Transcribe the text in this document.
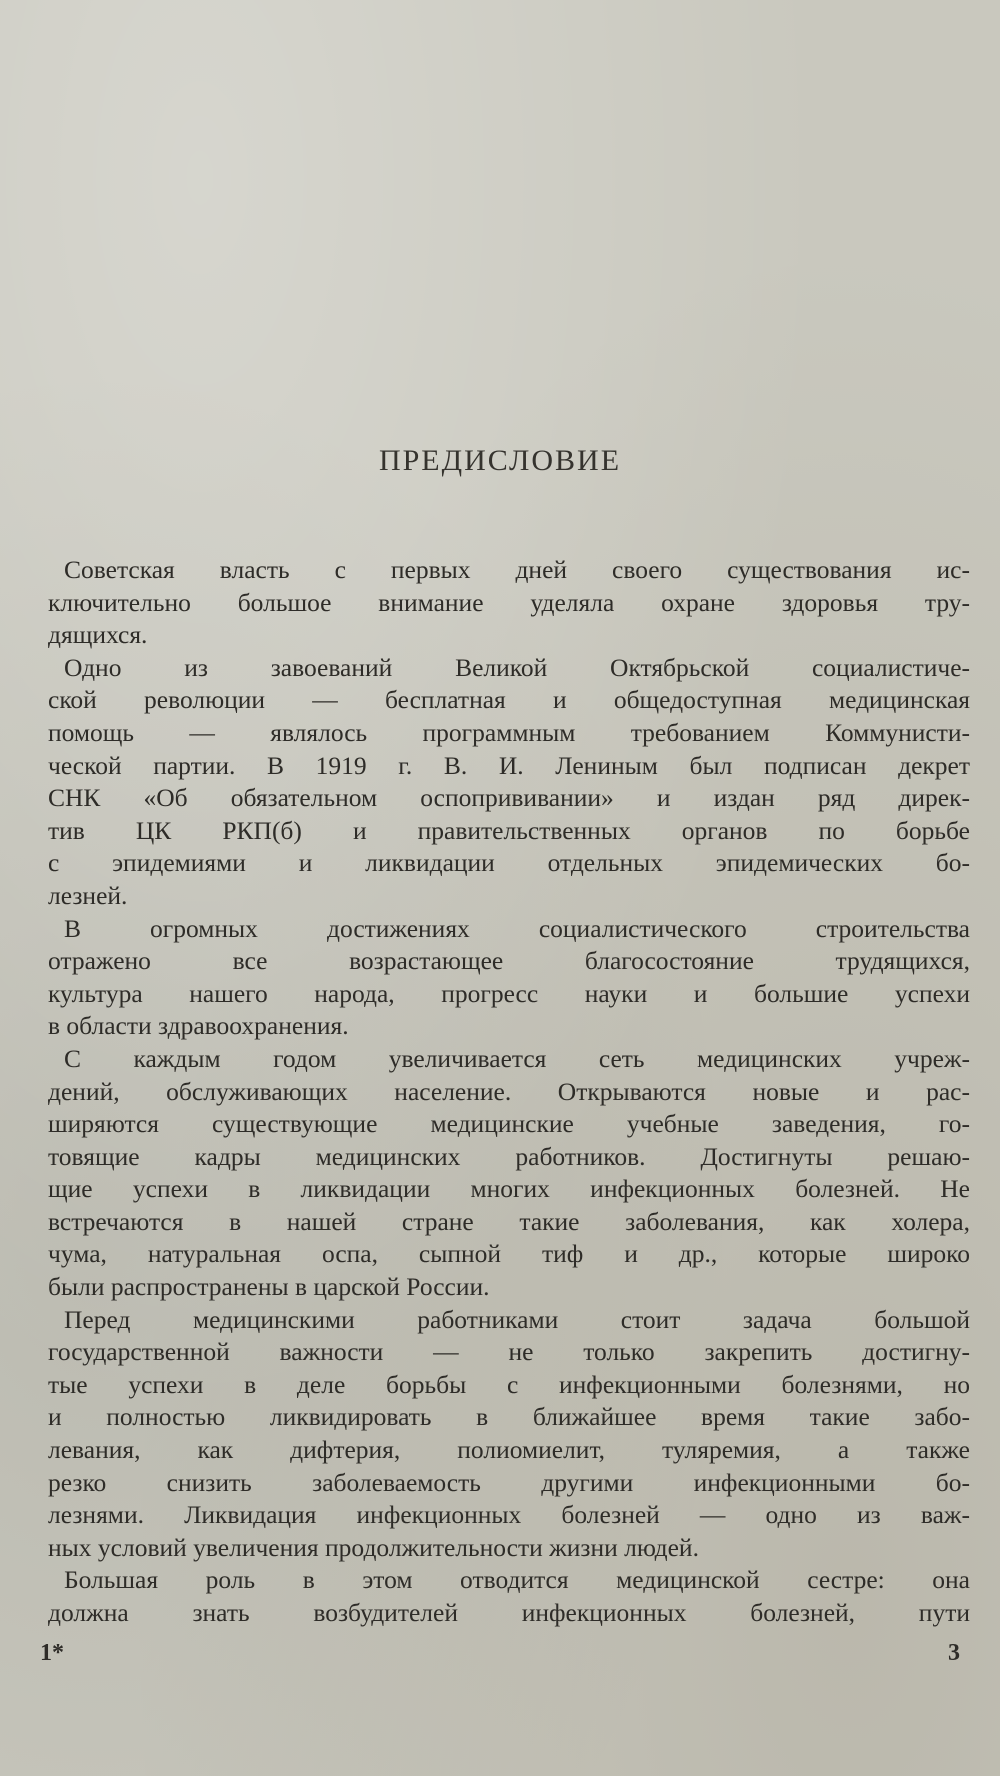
ПРЕДИСЛОВИЕ
Советская власть с первых дней своего существования ис-
ключительно большое внимание уделяла охране здоровья тру-
дящихся.
Одно из завоеваний Великой Октябрьской социалистиче-
ской революции — бесплатная и общедоступная медицинская
помощь — являлось программным требованием Коммунисти-
ческой партии. В 1919 г. В. И. Лениным был подписан декрет
СНК «Об обязательном оспопрививании» и издан ряд дирек-
тив ЦК РКП(б) и правительственных органов по борьбе
с эпидемиями и ликвидации отдельных эпидемических бо-
лезней.
В огромных достижениях социалистического строительства
отражено все возрастающее благосостояние трудящихся,
культура нашего народа, прогресс науки и большие успехи
в области здравоохранения.
С каждым годом увеличивается сеть медицинских учреж-
дений, обслуживающих население. Открываются новые и рас-
ширяются существующие медицинские учебные заведения, го-
товящие кадры медицинских работников. Достигнуты решаю-
щие успехи в ликвидации многих инфекционных болезней. Не
встречаются в нашей стране такие заболевания, как холера,
чума, натуральная оспа, сыпной тиф и др., которые широко
были распространены в царской России.
Перед медицинскими работниками стоит задача большой
государственной важности — не только закрепить достигну-
тые успехи в деле борьбы с инфекционными болезнями, но
и полностью ликвидировать в ближайшее время такие забо-
левания, как дифтерия, полиомиелит, туляремия, а также
резко снизить заболеваемость другими инфекционными бо-
лезнями. Ликвидация инфекционных болезней — одно из важ-
ных условий увеличения продолжительности жизни людей.
Большая роль в этом отводится медицинской сестре: она
должна знать возбудителей инфекционных болезней, пути
1*	3
